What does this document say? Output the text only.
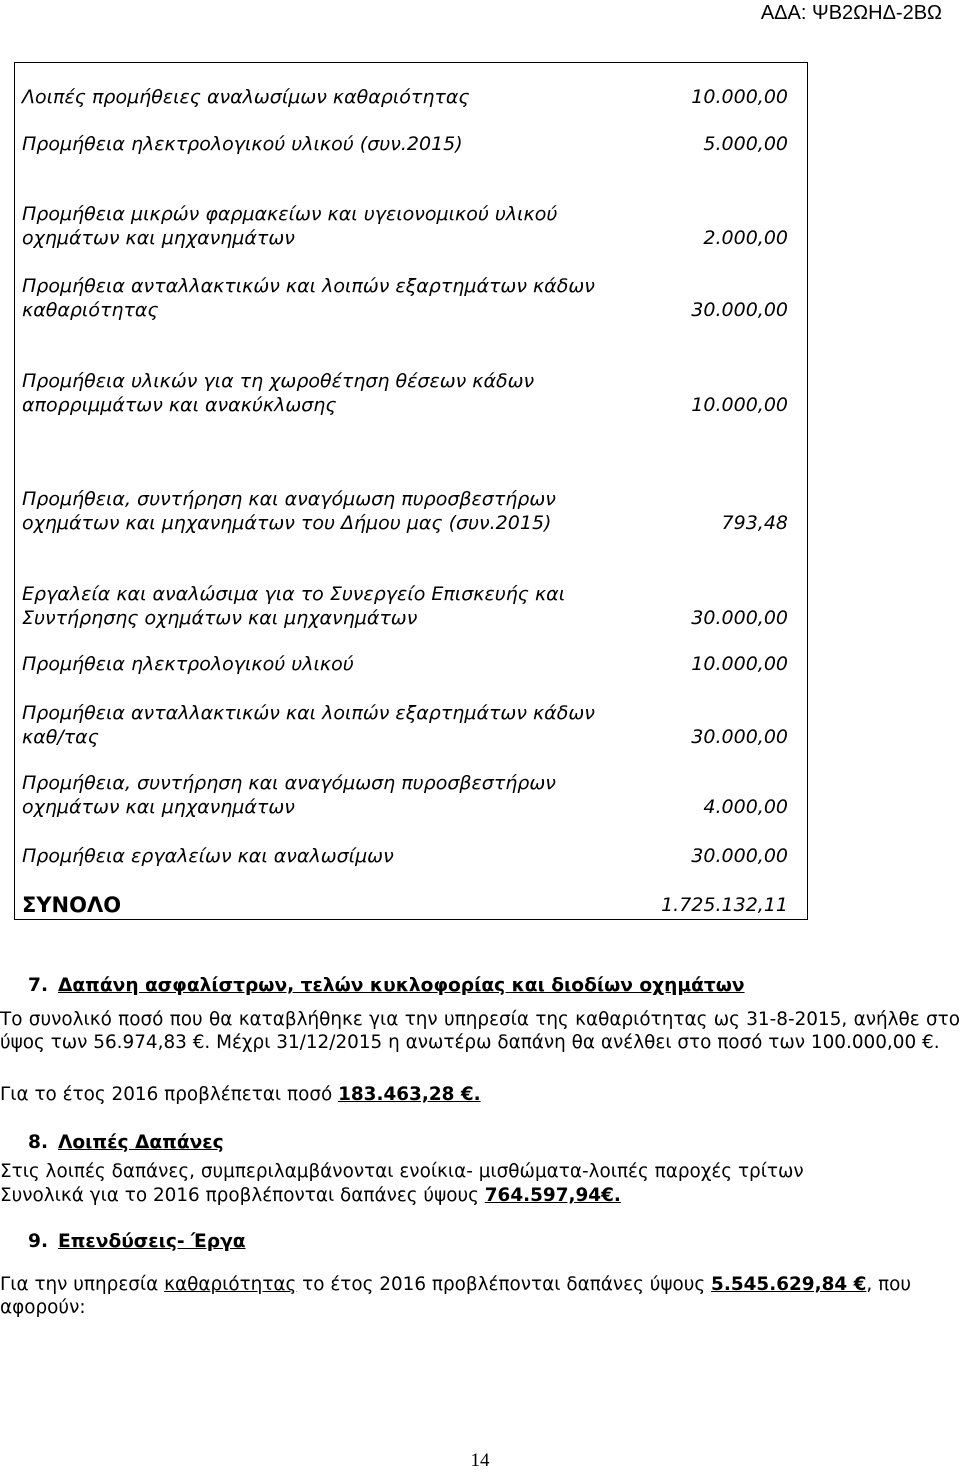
ΑΔΑ: ΨΒ2ΩΗΔ-2ΒΩ
Λοιπές προμήθειες αναλωσίμων καθαριότητας	10.000,00
Προμήθεια ηλεκτρολογικού υλικού (συν.2015)	5.000,00
Προμήθεια μικρών φαρμακείων και υγειονομικού υλικού οχημάτων και μηχανημάτων	2.000,00
Προμήθεια ανταλλακτικών και λοιπών εξαρτημάτων κάδων καθαριότητας	30.000,00
Προμήθεια υλικών για τη χωροθέτηση θέσεων κάδων απορριμμάτων και ανακύκλωσης	10.000,00
Προμήθεια, συντήρηση και αναγόμωση πυροσβεστήρων οχημάτων και μηχανημάτων του Δήμου μας (συν.2015)	793,48
Εργαλεία και αναλώσιμα για το Συνεργείο Επισκευής και Συντήρησης οχημάτων και μηχανημάτων	30.000,00
Προμήθεια ηλεκτρολογικού υλικού	10.000,00
Προμήθεια ανταλλακτικών και λοιπών εξαρτημάτων κάδων καθ/τας	30.000,00
Προμήθεια, συντήρηση και αναγόμωση πυροσβεστήρων οχημάτων και μηχανημάτων	4.000,00
Προμήθεια εργαλείων και αναλωσίμων	30.000,00
ΣΥΝΟΛΟ	1.725.132,11
7. Δαπάνη ασφαλίστρων, τελών κυκλοφορίας και διοδίων οχημάτων
Το συνολικό ποσό που θα καταβλήθηκε για την υπηρεσία της καθαριότητας ως 31-8-2015, ανήλθε στο ύψος των 56.974,83 €. Μέχρι 31/12/2015 η ανωτέρω δαπάνη θα ανέλθει στο ποσό των 100.000,00 €.
Για το έτος 2016 προβλέπεται ποσό 183.463,28 €.
8. Λοιπές Δαπάνες
Στις λοιπές δαπάνες, συμπεριλαμβάνονται ενοίκια- μισθώματα-λοιπές παροχές τρίτων
Συνολικά για το 2016 προβλέπονται δαπάνες ύψους 764.597,94€.
9. Επενδύσεις- Έργα
Για την υπηρεσία καθαριότητας το έτος 2016 προβλέπονται δαπάνες ύψους 5.545.629,84 €, που αφορούν:
14
